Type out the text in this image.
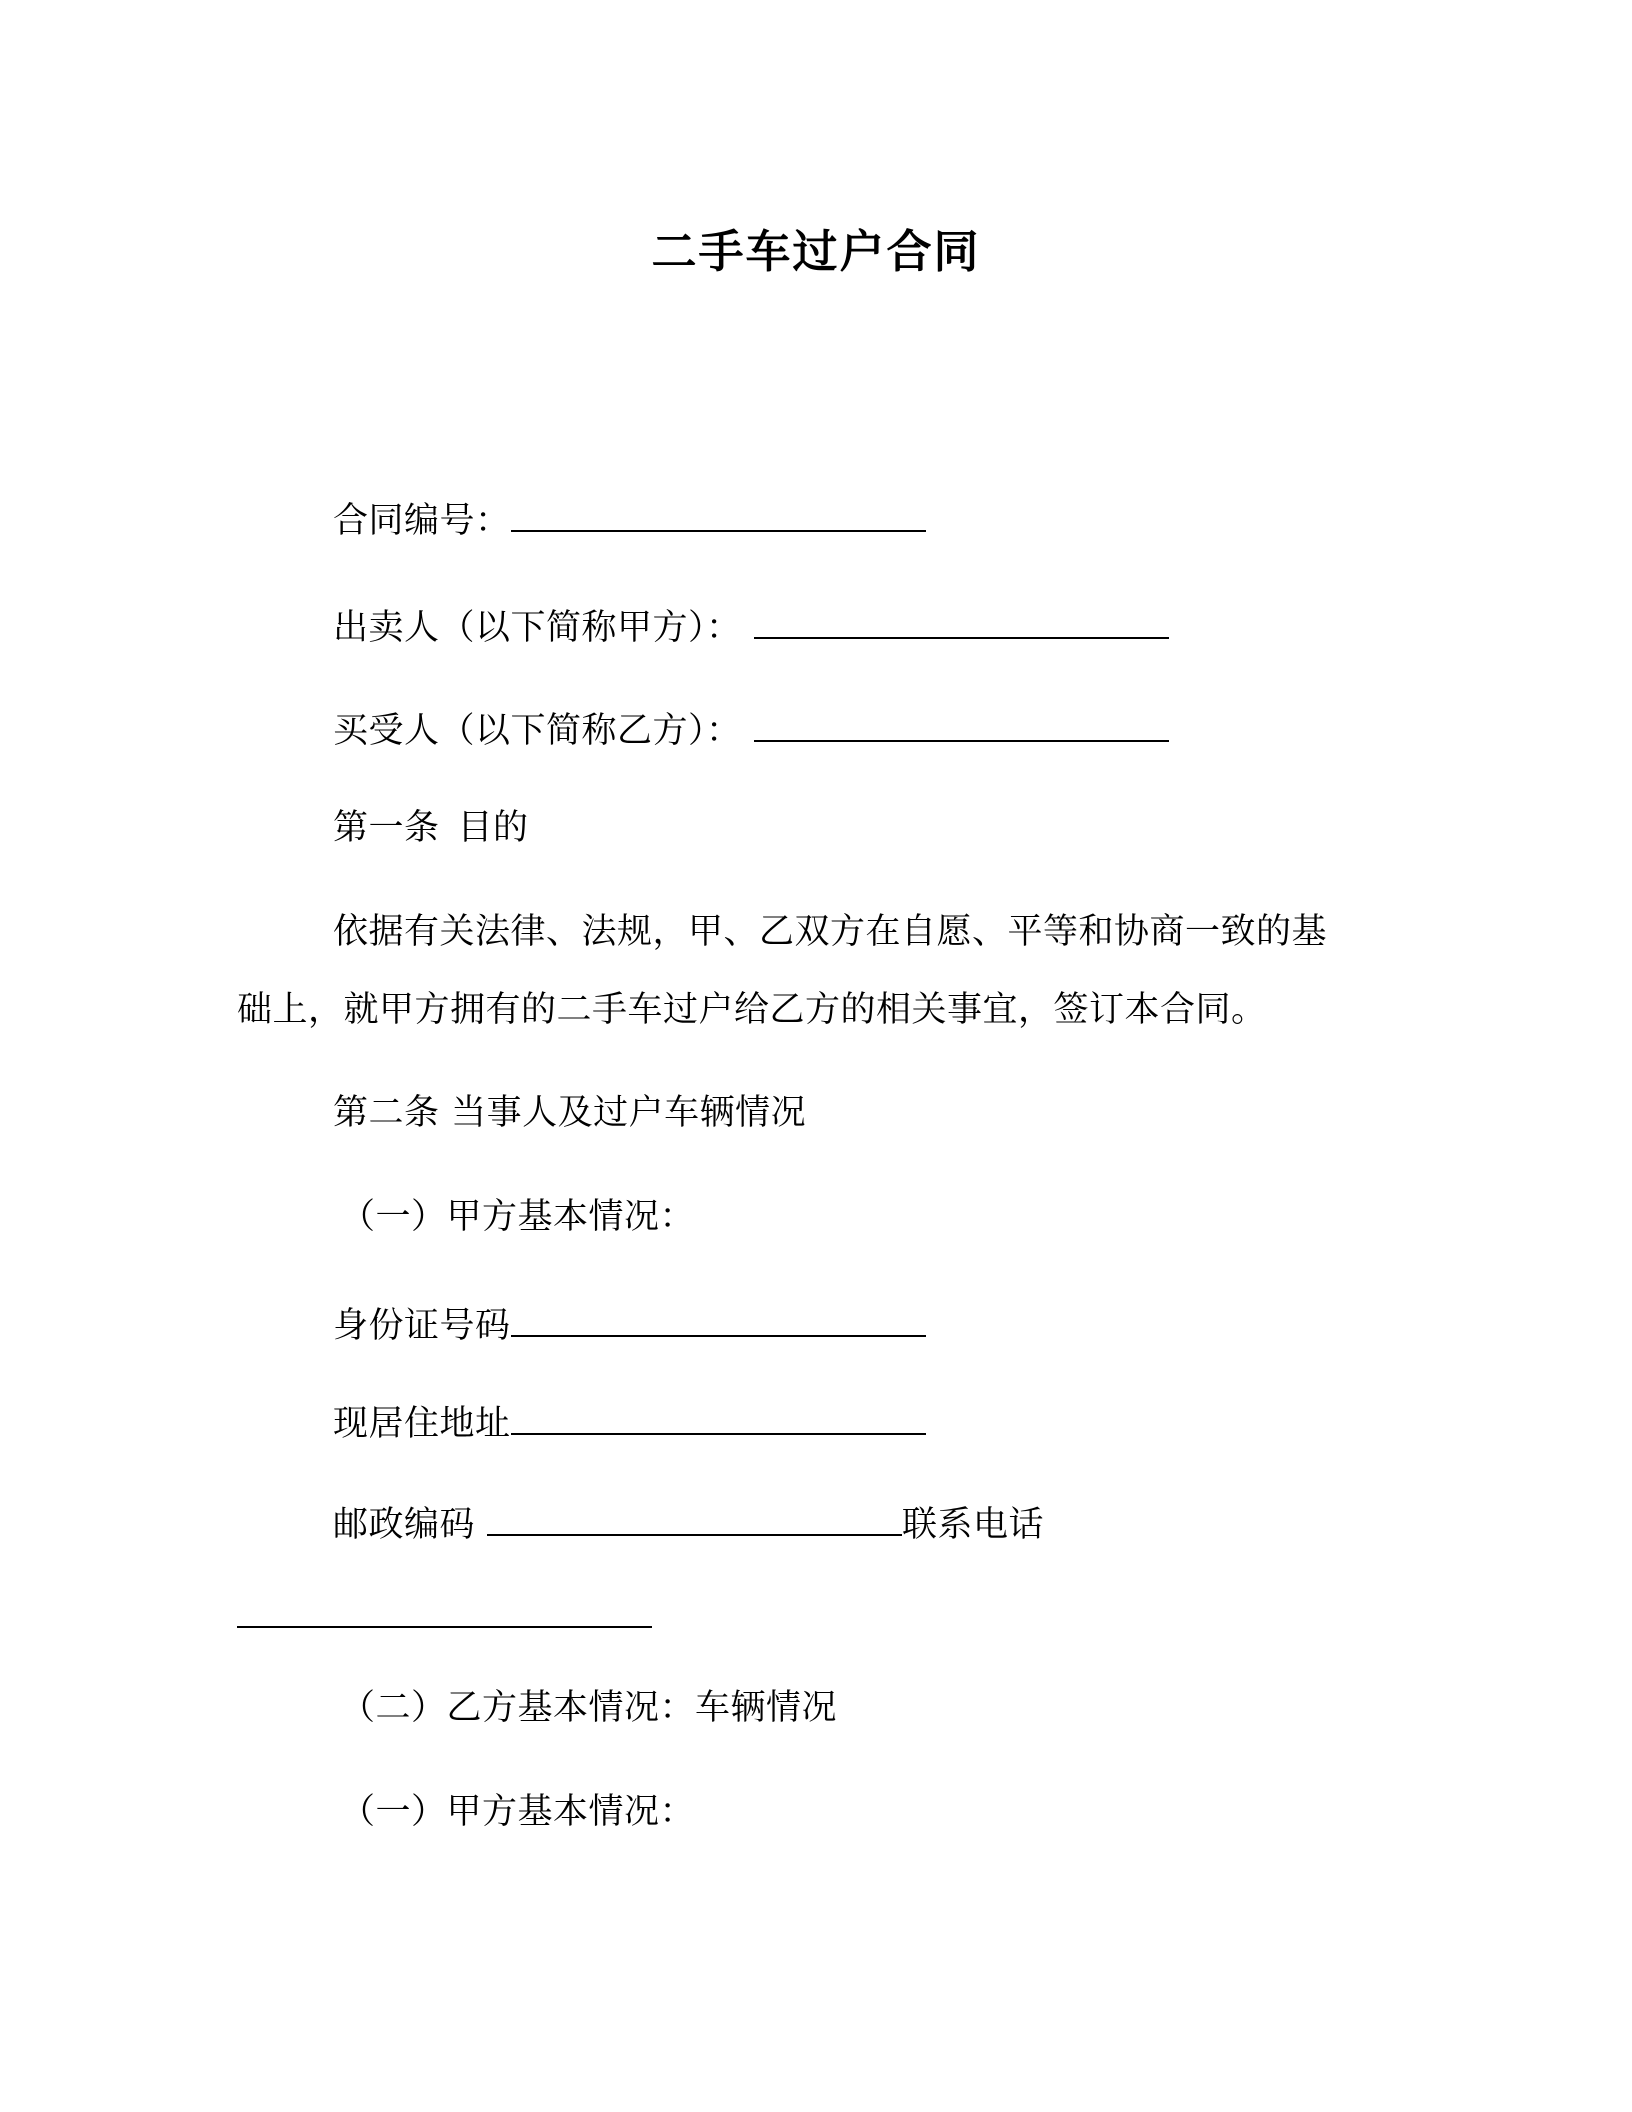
二手车过户合同
合同编号：
出卖人（以下简称甲方）：
买受人（以下简称乙方）：
第一条 目的
依据有关法律、法规，甲、乙双方在自愿、平等和协商一致的基
础上，就甲方拥有的二手车过户给乙方的相关事宜，签订本合同。
第二条 当事人及过户车辆情况
（一）甲方基本情况：
身份证号码
现居住地址
邮政编码	联系电话
（二）乙方基本情况：车辆情况
（一）甲方基本情况：
